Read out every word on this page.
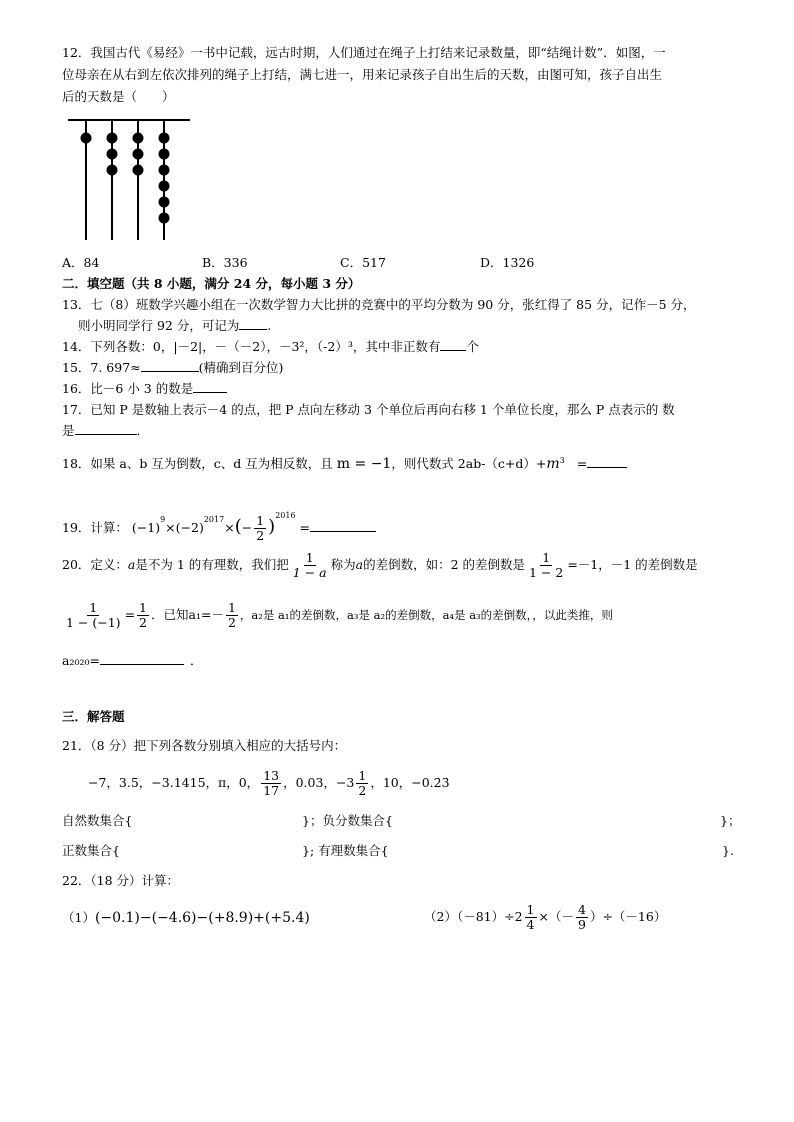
12．我国古代《易经》一书中记载，远古时期，人们通过在绳子上打结来记录数量，即“结绳计数”．如图，一
位母亲在从右到左依次排列的绳子上打结，满七进一，用来记录孩子自出生后的天数，由图可知，孩子自出生
后的天数是（　　）
A．84	B．336	C．517	D．1326
二．填空题（共 8 小题，满分 24 分，每小题 3 分）
13．七（8）班数学兴趣小组在一次数学智力大比拼的竞赛中的平均分数为 90 分，张红得了 85 分，记作－5 分，
则小明同学行 92 分，可记为 .
14．下列各数：0，|－2|，－（－2），－3²，（-2）³，其中非正数有 个
15．7. 697≈	(精确到百分位)
16．比－6 小 3 的数是
17．已知 P 是数轴上表示－4 的点，把 P 点向左移动 3 个单位后再向右移 1 个单位长度，那么 P 点表示的 数
是	.
18．如果 a、b 互为倒数，c、d 互为相反数，且 m = −1，则代数式 $2ab-(c+d)+m^3$ =
19．计算： $(-1)^9\times(-2)^{2017}\times(- \frac{1}{2} )^{2016}$ =
20．定义：a是不为 1 的有理数，我们把 $\frac{1}{1 - a}$ 称为a的差倒数，如：2 的差倒数是 $\frac{1}{1 - 2} =-1$，－1 的差倒数是
$\frac{1}{1 - (-1)} = \frac{1}{2}$ ．已知$a_1=- \frac{1}{2}$ ，a₂是 a₁的差倒数，a₃是 a₂的差倒数，a₄是 a₃的差倒数，，以此类推，则
a₂₀₂₀=	．
三．解答题
21．（8 分）把下列各数分别填入相应的大括号内：
−7，3.5，−3.1415，π，0， $\frac{13}{17}$ ，0.03，$-3 \frac{1}{2}$ ，10，−0.2̇3̇
自然数集合{	}；负分数集合{	}；
正数集合{	}; 有理数集合{	}.
22．（18 分）计算：
（1）(−0.1)−(−4.6)−(+8.9)+(+5.4)	$(2)(-81)\div 2 \frac{1}{4}$ ×（－ $\frac{4}{9} )\div(-16)$
